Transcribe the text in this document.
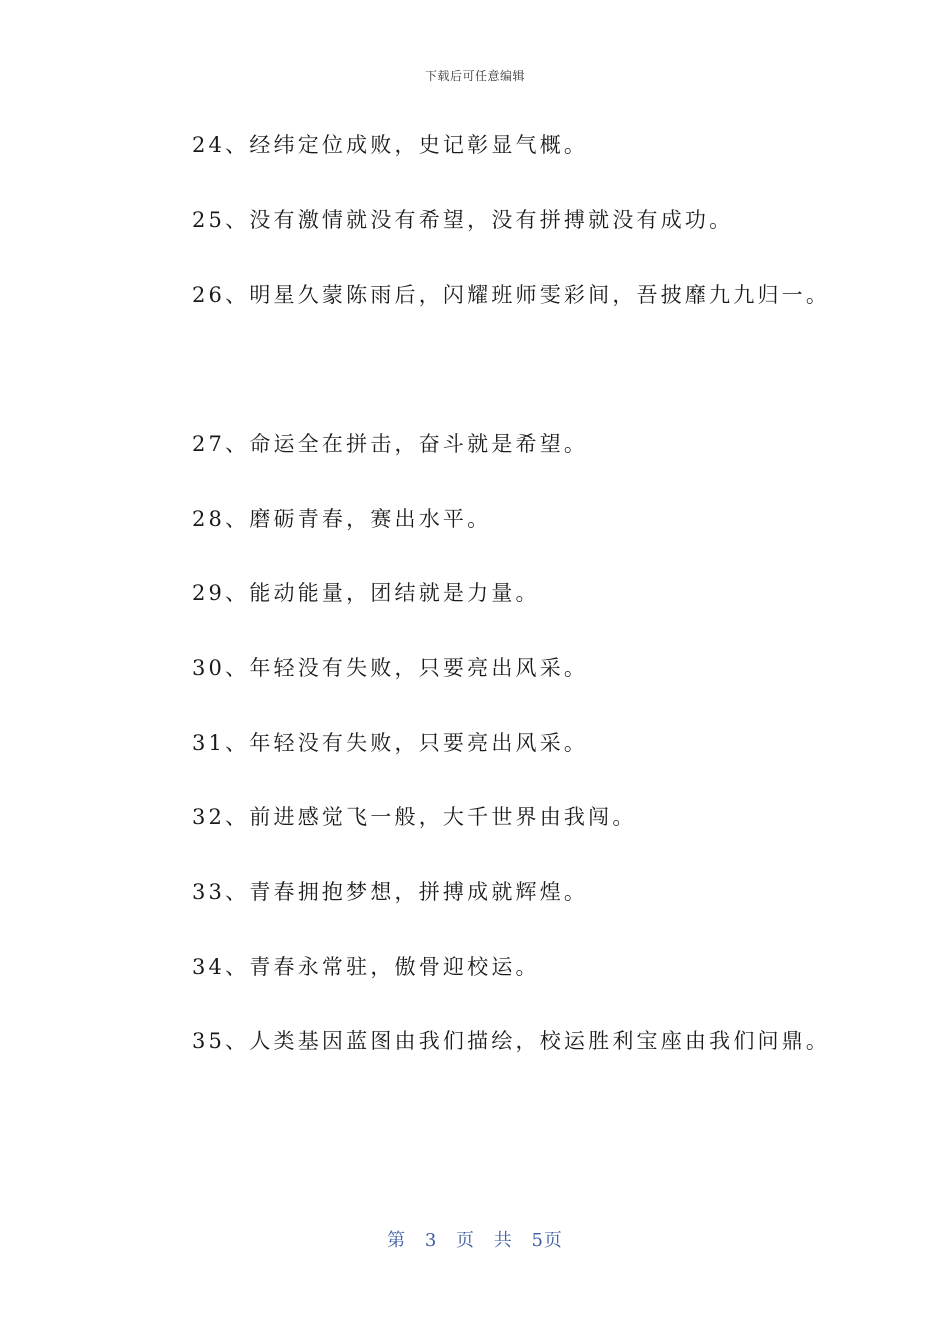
下载后可任意编辑
24、经纬定位成败，史记彰显气概。
25、没有激情就没有希望，没有拼搏就没有成功。
26、明星久蒙陈雨后，闪耀班师雯彩间，吾披靡九九归一。
27、命运全在拼击，奋斗就是希望。
28、磨砺青春，赛出水平。
29、能动能量，团结就是力量。
30、年轻没有失败，只要亮出风采。
31、年轻没有失败，只要亮出风采。
32、前进感觉飞一般，大千世界由我闯。
33、青春拥抱梦想，拼搏成就辉煌。
34、青春永常驻，傲骨迎校运。
35、人类基因蓝图由我们描绘，校运胜利宝座由我们问鼎。
第 3 页 共 5页
